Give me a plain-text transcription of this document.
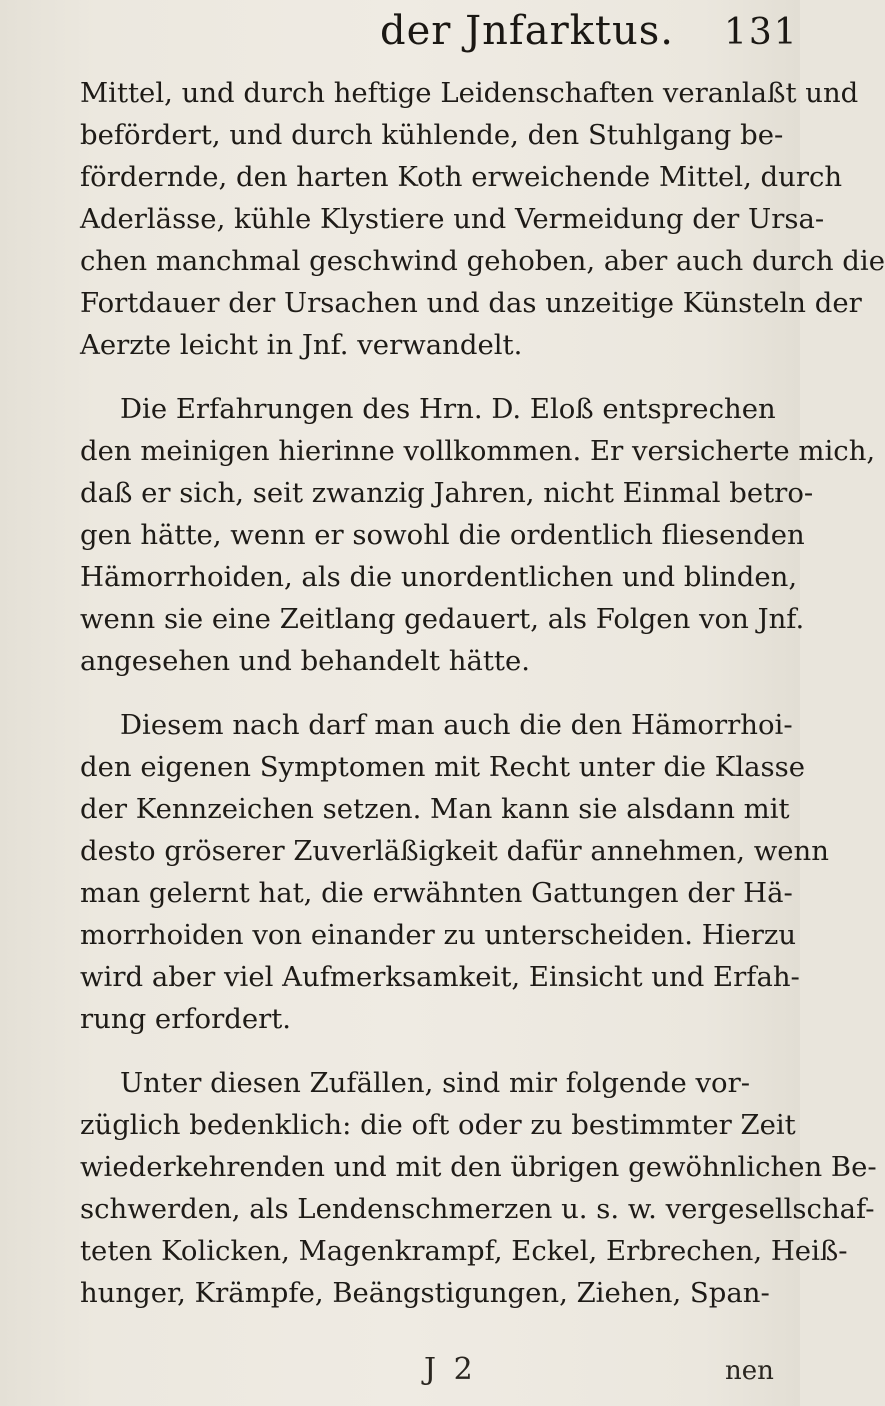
der Jnfarktus. 131
Mittel, und durch heftige Leidenschaften veranlaßt und
befördert, und durch kühlende, den Stuhlgang be-
fördernde, den harten Koth erweichende Mittel, durch
Aderlässe, kühle Klystiere und Vermeidung der Ursa-
chen manchmal geschwind gehoben, aber auch durch die
Fortdauer der Ursachen und das unzeitige Künsteln der
Aerzte leicht in Jnf. verwandelt.
Die Erfahrungen des Hrn. D. Eloß entsprechen
den meinigen hierinne vollkommen. Er versicherte mich,
daß er sich, seit zwanzig Jahren, nicht Einmal betro-
gen hätte, wenn er sowohl die ordentlich fliesenden
Hämorrhoiden, als die unordentlichen und blinden,
wenn sie eine Zeitlang gedauert, als Folgen von Jnf.
angesehen und behandelt hätte.
Diesem nach darf man auch die den Hämorrhoi-
den eigenen Symptomen mit Recht unter die Klasse
der Kennzeichen setzen. Man kann sie alsdann mit
desto gröserer Zuverläßigkeit dafür annehmen, wenn
man gelernt hat, die erwähnten Gattungen der Hä-
morrhoiden von einander zu unterscheiden. Hierzu
wird aber viel Aufmerksamkeit, Einsicht und Erfah-
rung erfordert.
Unter diesen Zufällen, sind mir folgende vor-
züglich bedenklich: die oft oder zu bestimmter Zeit
wiederkehrenden und mit den übrigen gewöhnlichen Be-
schwerden, als Lendenschmerzen u. s. w. vergesellschaf-
teten Kolicken, Magenkrampf, Eckel, Erbrechen, Heiß-
hunger, Krämpfe, Beängstigungen, Ziehen, Span-
J 2	nen
